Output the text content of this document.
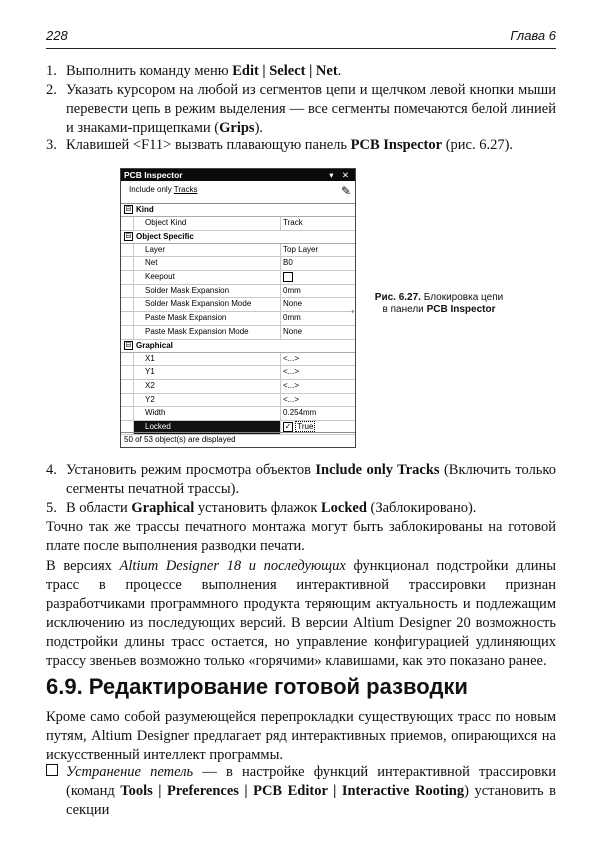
228	Глава 6
1. Выполнить команду меню Edit | Select | Net.
2. Указать курсором на любой из сегментов цепи и щелчком левой кнопки мыши перевести цепь в режим выделения — все сегменты помечаются белой линией и знаками-прищепками (Grips).
3. Клавишей <F11> вызвать плавающую панель PCB Inspector (рис. 6.27).
PCB Inspector	▾ ✕
Include only Tracks	✎
⊟ Kind
Object Kind	Track
⊟ Object Specific
Layer	Top Layer
Net	B0
Keepout
Solder Mask Expansion	0mm
Solder Mask Expansion Mode	None
Paste Mask Expansion	0mm
Paste Mask Expansion Mode	None
⊟ Graphical
X1	<...>
Y1	<...>
X2	<...>
Y2	<...>
Width	0.254mm
Locked	✓ True
50 of 53 object(s) are displayed
‹
Рис. 6.27. Блокировка цепи
в панели PCB Inspector
4. Установить режим просмотра объектов Include only Tracks (Включить только сегменты печатной трассы).
5. В области Graphical установить флажок Locked (Заблокировано).
Точно так же трассы печатного монтажа могут быть заблокированы на готовой плате после выполнения разводки печати.
В версиях Altium Designer 18 и последующих функционал подстройки длины трасс в процессе выполнения интерактивной трассировки признан разработчиками программного продукта теряющим актуальность и подлежащим исключению из последующих версий. В версии Altium Designer 20 возможность подстройки длины трасс остается, но управление конфигурацией удлиняющих трассу звеньев возможно только «горячими» клавишами, как это показано ранее.
6.9. Редактирование готовой разводки
Кроме само собой разумеющейся перепрокладки существующих трасс по новым путям, Altium Designer предлагает ряд интерактивных приемов, опирающихся на искусственный интеллект программы.
Устранение петель — в настройке функций интерактивной трассировки (команд Tools | Preferences | PCB Editor | Interactive Rooting) установить в секции
